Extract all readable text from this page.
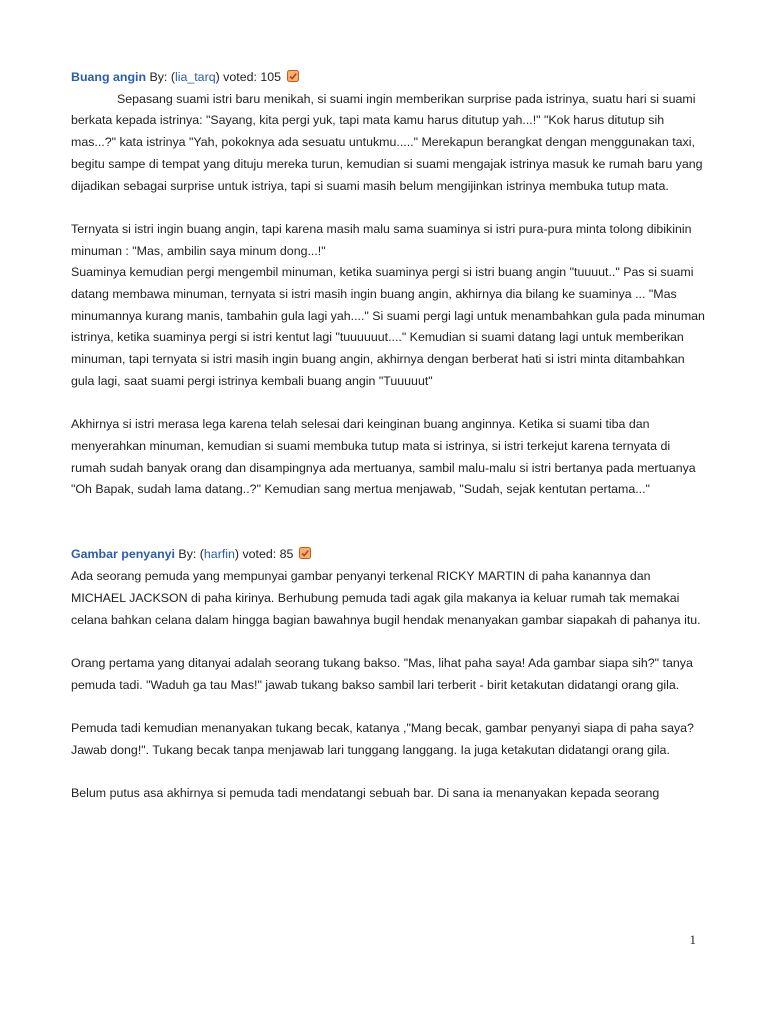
Buang angin By: (lia_tarq) voted: 105

Sepasang suami istri baru menikah, si suami ingin memberikan surprise pada istrinya, suatu hari si suami berkata kepada istrinya: "Sayang, kita pergi yuk, tapi mata kamu harus ditutup yah...!" "Kok harus ditutup sih mas...?" kata istrinya "Yah, pokoknya ada sesuatu untukmu....." Merekapun berangkat dengan menggunakan taxi, begitu sampe di tempat yang dituju mereka turun, kemudian si suami mengajak istrinya masuk ke rumah baru yang dijadikan sebagai surprise untuk istriya, tapi si suami masih belum mengijinkan istrinya membuka tutup mata.

Ternyata si istri ingin buang angin, tapi karena masih malu sama suaminya si istri pura-pura minta tolong dibikinin minuman : "Mas, ambilin saya minum dong...!"

Suaminya kemudian pergi mengembil minuman, ketika suaminya pergi si istri buang angin "tuuuut.." Pas si suami datang membawa minuman, ternyata si istri masih ingin buang angin, akhirnya dia bilang ke suaminya ... "Mas minumannya kurang manis, tambahin gula lagi yah...." Si suami pergi lagi untuk menambahkan gula pada minuman istrinya, ketika suaminya pergi si istri kentut lagi "tuuuuuut...." Kemudian si suami datang lagi untuk memberikan minuman, tapi ternyata si istri masih ingin buang angin, akhirnya dengan berberat hati si istri minta ditambahkan gula lagi, saat suami pergi istrinya kembali buang angin "Tuuuuut"

Akhirnya si istri merasa lega karena telah selesai dari keinginan buang anginnya. Ketika si suami tiba dan menyerahkan minuman, kemudian si suami membuka tutup mata si istrinya, si istri terkejut karena ternyata di rumah sudah banyak orang dan disampingnya ada mertuanya, sambil malu-malu si istri bertanya pada mertuanya "Oh Bapak, sudah lama datang..?" Kemudian sang mertua menjawab, "Sudah, sejak kentutan pertama..."

Gambar penyanyi By: (harfin) voted: 85

Ada seorang pemuda yang mempunyai gambar penyanyi terkenal RICKY MARTIN di paha kanannya dan MICHAEL JACKSON di paha kirinya. Berhubung pemuda tadi agak gila makanya ia keluar rumah tak memakai celana bahkan celana dalam hingga bagian bawahnya bugil hendak menanyakan gambar siapakah di pahanya itu.

Orang pertama yang ditanyai adalah seorang tukang bakso. "Mas, lihat paha saya! Ada gambar siapa sih?" tanya pemuda tadi. "Waduh ga tau Mas!" jawab tukang bakso sambil lari terberit - birit ketakutan didatangi orang gila.

Pemuda tadi kemudian menanyakan tukang becak, katanya ,"Mang becak, gambar penyanyi siapa di paha saya? Jawab dong!". Tukang becak tanpa menjawab lari tunggang langgang. Ia juga ketakutan didatangi orang gila.

Belum putus asa akhirnya si pemuda tadi mendatangi sebuah bar. Di sana ia menanyakan kepada seorang

1
